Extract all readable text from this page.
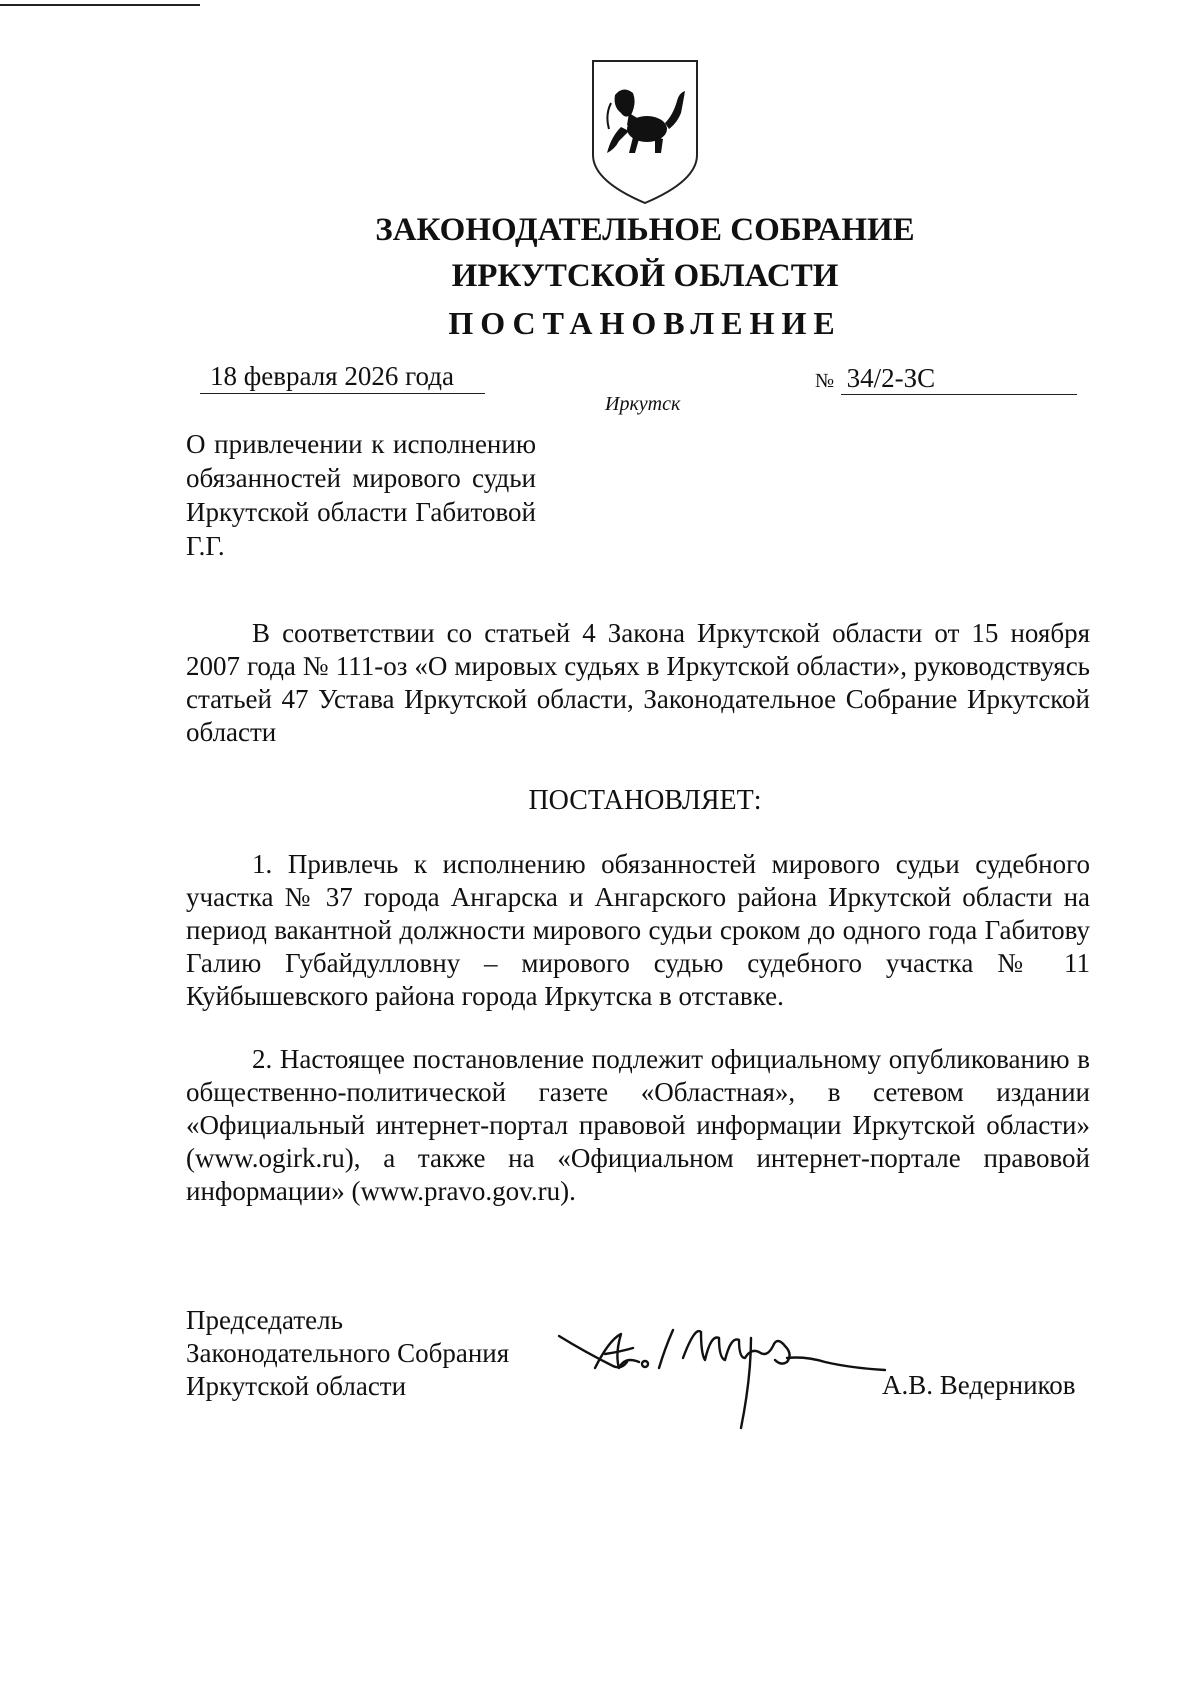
ЗАКОНОДАТЕЛЬНОЕ СОБРАНИЕ
ИРКУТСКОЙ ОБЛАСТИ
ПОСТАНОВЛЕНИЕ
18 февраля 2026 года	№ 34/2-ЗС
Иркутск
О привлечении к исполнению обязанностей мирового судьи Иркутской области Габитовой Г.Г.
В соответствии со статьей 4 Закона Иркутской области от 15 ноября 2007 года № 111-оз «О мировых судьях в Иркутской области», руководствуясь статьей 47 Устава Иркутской области, Законодательное Собрание Иркутской области
ПОСТАНОВЛЯЕТ:
1. Привлечь к исполнению обязанностей мирового судьи судебного участка № 37 города Ангарска и Ангарского района Иркутской области на период вакантной должности мирового судьи сроком до одного года Габитову Галию Губайдулловну – мирового судью судебного участка № 11 Куйбышевского района города Иркутска в отставке.
2. Настоящее постановление подлежит официальному опубликованию в общественно-политической газете «Областная», в сетевом издании «Официальный интернет-портал правовой информации Иркутской области» (www.ogirk.ru), а также на «Официальном интернет-портале правовой информации» (www.pravo.gov.ru).
Председатель
Законодательного Собрания
Иркутской области	А.В. Ведерников
